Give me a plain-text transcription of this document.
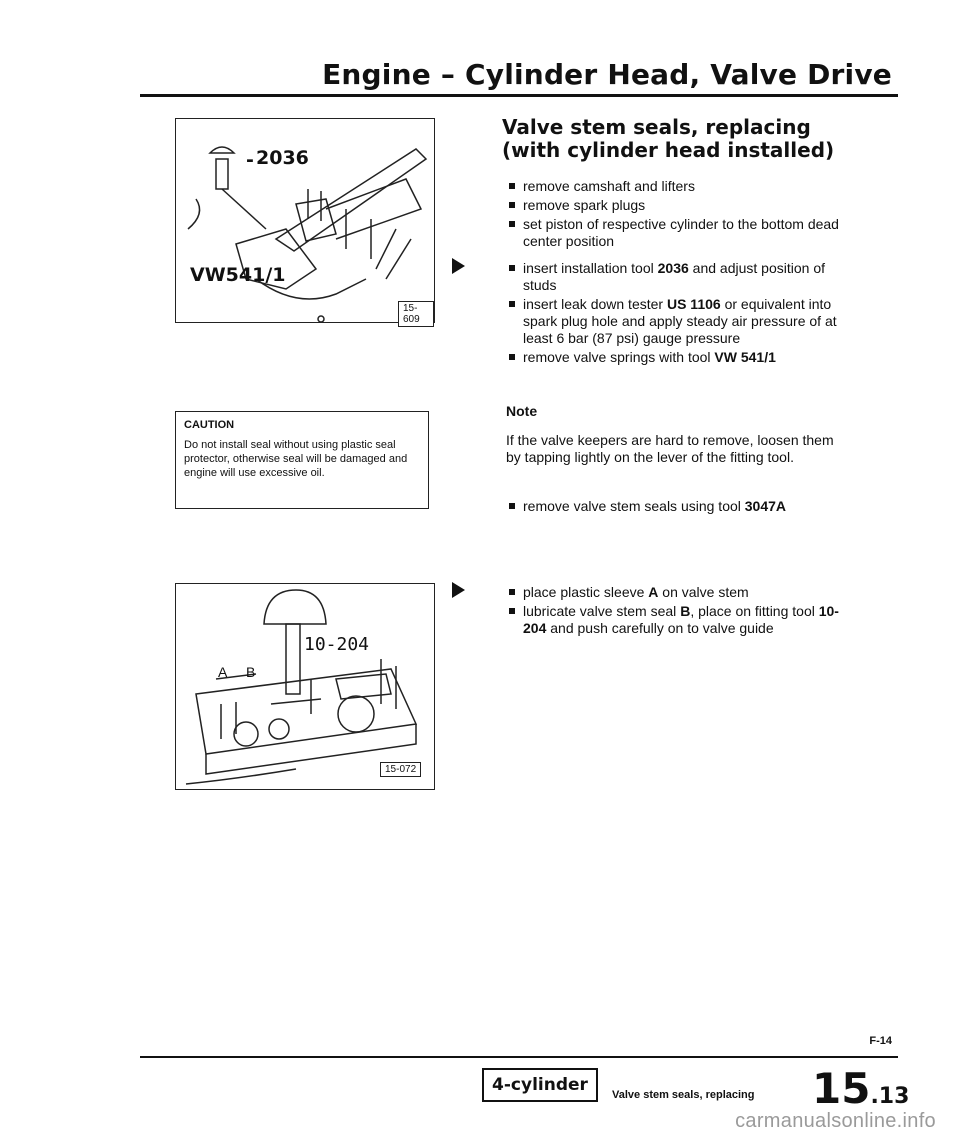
Engine – Cylinder Head, Valve Drive
- 2036
VW541/1
15-609
CAUTION
Do not install seal without using plastic seal protector, otherwise seal will be damaged and engine will use excessive oil.
10-204
A B
15-072
Valve stem seals, replacing
(with cylinder head installed)
remove camshaft and lifters
remove spark plugs
set piston of respective cylinder to the bottom dead center position
insert installation tool 2036 and adjust position of studs
insert leak down tester US 1106 or equivalent into spark plug hole and apply steady air pressure of at least 6 bar (87 psi) gauge pressure
remove valve springs with tool VW 541/1
Note
If the valve keepers are hard to remove, loosen them by tapping lightly on the lever of the fitting tool.
remove valve stem seals using tool 3047A
place plastic sleeve A on valve stem
lubricate valve stem seal B, place on fitting tool 10-204 and push carefully on to valve guide
F-14
4-cylinder	Valve stem seals, replacing 15.13
carmanualsonline.info
